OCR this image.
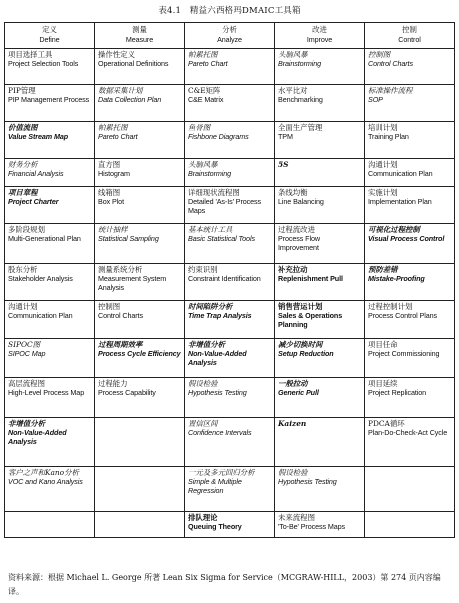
表4.1　精益六西格玛DMAIC工具箱
定义
Define	测量
Measure	分析
Analyze	改进
Improve	控制
Control

项目选择工具
Project Selection Tools	操作性定义
Operational Definitions	帕累托图
Pareto Chart	头脑风暴
Brainstorming	控制图
Control Charts

PIP管理
PIP Management Process	数据采集计划
Data Collection Plan	C&E矩阵
C&E Matrix	水平比对
Benchmarking	标准操作流程
SOP

价值流图
Value Stream Map	帕累托图
Pareto Chart	鱼骨图
Fishbone Diagrams	全面生产管理
TPM	培训计划
Training Plan

财务分析
Financial Analysis	直方图
Histogram	头脑风暴
Brainstorming	5S	沟通计划
Communication Plan

项目章程
Project Charter	线箱图
Box Plot	详细现状流程图
Detailed 'As-Is' Process Maps	条线均衡
Line Balancing	实施计划
Implementation Plan

多阶段规划
Multi-Generational Plan	统计抽样
Statistical Sampling	基本统计工具
Basic Statistical Tools	过程流改进
Process Flow Improvement	可视化过程控制
Visual Process Control

股东分析
Stakeholder Analysis	测量系统分析
Measurement System Analysis	约束识别
Constraint Identification	补充拉动
Replenishment Pull	预防差错
Mistake-Proofing

沟通计划
Communication Plan	控制图
Control Charts	时间陷阱分析
Time Trap Analysis	销售营运计划
Sales & Operations Planning	过程控制计划
Process Control Plans

SIPOC图
SIPOC Map	过程周期效率
Process Cycle Efficiency	非增值分析
Non-Value-Added Analysis	减少切换时间
Setup Reduction	项目任命
Project Commissioning

高层流程图
High-Level Process Map	过程能力
Process Capability	假设检验
Hypothesis Testing	一般拉动
Generic Pull	项目延续
Project Replication

非增值分析
Non-Value-Added Analysis		置信区间
Confidence Intervals	Kaizen	PDCA循环
Plan-Do-Check-Act Cycle

客户之声和Kano分析
VOC and Kano Analysis		一元及多元回归分析
Simple & Multiple Regression	假设检验
Hypothesis Testing	

		排队理论
Queuing Theory	未来流程图
'To-Be' Process Maps	
资料来源：根据 Michael L. George 所著 Lean Six Sigma for Service（MCGRAW-HILL，2003）第 274 页内容编译。
